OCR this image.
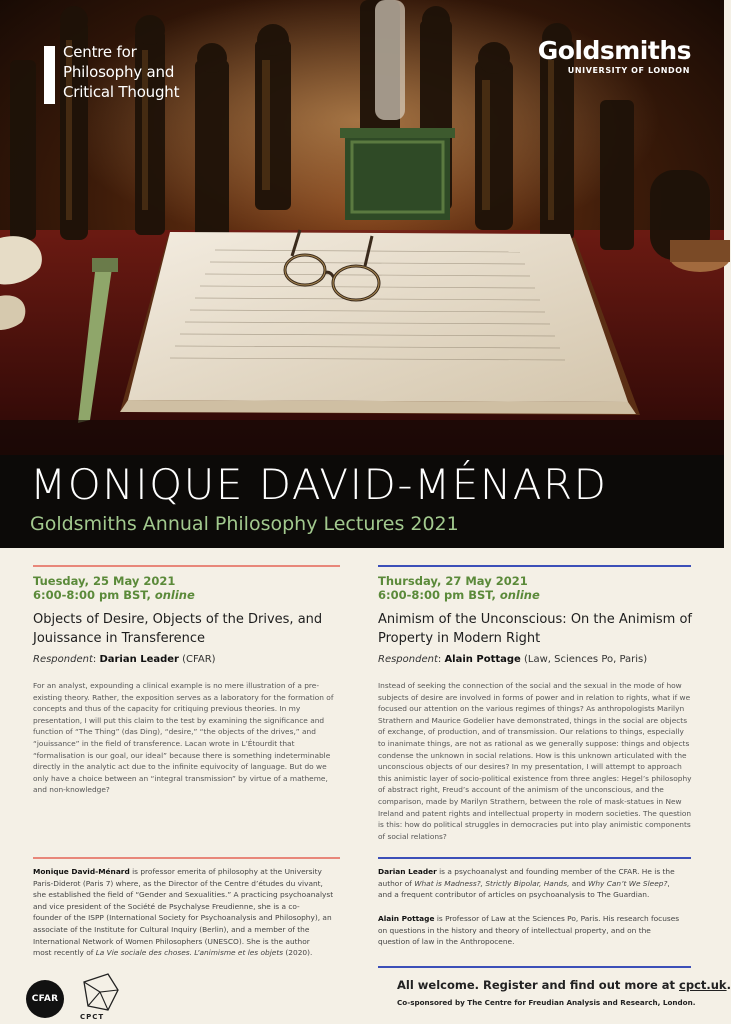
Centre for
Philosophy and
Critical Thought
Goldsmiths
UNIVERSITY OF LONDON
MONIQUE DAVID-MÉNARD
Goldsmiths Annual Philosophy Lectures 2021
Tuesday, 25 May 2021
6:00-8:00 pm BST, online
Objects of Desire, Objects of the Drives, and
Jouissance in Transference
Respondent: Darian Leader (CFAR)
For an analyst, expounding a clinical example is no mere illustration of a pre-
existing theory. Rather, the exposition serves as a laboratory for the formation of
concepts and thus of the capacity for critiquing previous theories. In my
presentation, I will put this claim to the test by examining the significance and
function of “The Thing” (das Ding), “desire,” “the objects of the drives,” and
“jouissance” in the field of transference. Lacan wrote in L’Étourdit that
“formalisation is our goal, our ideal” because there is something indeterminable
directly in the analytic act due to the infinite equivocity of language. But do we
only have a choice between an “integral transmission” by virtue of a matheme,
and non-knowledge?
Thursday, 27 May 2021
6:00-8:00 pm BST, online
Animism of the Unconscious: On the Animism of
Property in Modern Right
Respondent: Alain Pottage (Law, Sciences Po, Paris)
Instead of seeking the connection of the social and the sexual in the mode of how
subjects of desire are involved in forms of power and in relation to rights, what if we
focused our attention on the various regimes of things? As anthropologists Marilyn
Strathern and Maurice Godelier have demonstrated, things in the social are objects
of exchange, of production, and of transmission. Our relations to things, especially
to inanimate things, are not as rational as we generally suppose: things and objects
condense the unknown in social relations. How is this unknown articulated with the
unconscious objects of our desires? In my presentation, I will attempt to approach
this animistic layer of socio-political existence from three angles: Hegel’s philosophy
of abstract right, Freud’s account of the animism of the unconscious, and the
comparison, made by Marilyn Strathern, between the role of mask-statues in New
Ireland and patent rights and intellectual property in modern societies. The question
is this: how do political struggles in democracies put into play animistic components
of social relations?
Monique David-Ménard is professor emerita of philosophy at the University
Paris-Diderot (Paris 7) where, as the Director of the Centre d’études du vivant,
she established the field of “Gender and Sexualities.” A practicing psychoanalyst
and vice president of the Société de Psychalyse Freudienne, she is a co-
founder of the ISPP (International Society for Psychoanalysis and Philosophy), an
associate of the Institute for Cultural Inquiry (Berlin), and a member of the
International Network of Women Philosophers (UNESCO). She is the author
most recently of La Vie sociale des choses. L’animisme et les objets (2020).
Darian Leader is a psychoanalyst and founding member of the CFAR. He is the
author of What is Madness?, Strictly Bipolar, Hands, and Why Can’t We Sleep?,
and a frequent contributor of articles on psychoanalysis to The Guardian.
Alain Pottage is Professor of Law at the Sciences Po, Paris. His research focuses
on questions in the history and theory of intellectual property, and on the
question of law in the Anthropocene.
All welcome. Register and find out more at cpct.uk.
Co-sponsored by The Centre for Freudian Analysis and Research, London.
CFAR
CPCT
